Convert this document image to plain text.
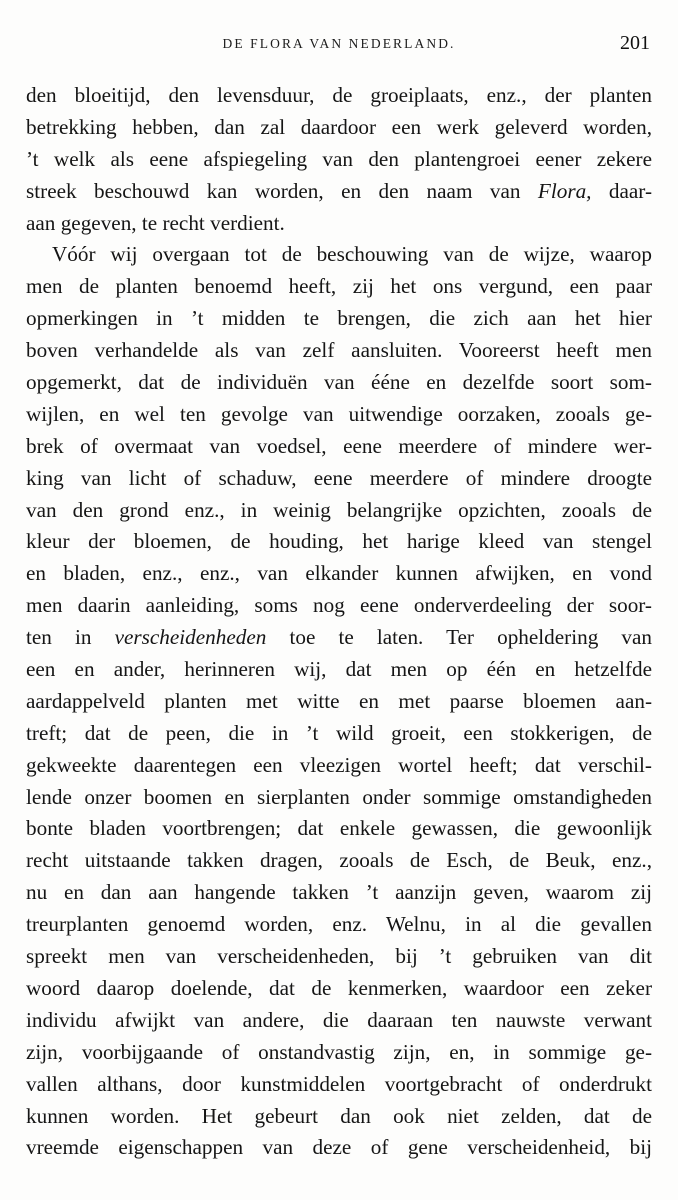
DE FLORA VAN NEDERLAND.	201
den bloeitijd, den levensduur, de groeiplaats, enz., der planten
betrekking hebben, dan zal daardoor een werk geleverd worden,
’t welk als eene afspiegeling van den plantengroei eener zekere
streek beschouwd kan worden, en den naam van Flora, daar-
aan gegeven, te recht verdient.
Vóór wij overgaan tot de beschouwing van de wijze, waarop
men de planten benoemd heeft, zij het ons vergund, een paar
opmerkingen in ’t midden te brengen, die zich aan het hier
boven verhandelde als van zelf aansluiten. Vooreerst heeft men
opgemerkt, dat de individuën van ééne en dezelfde soort som-
wijlen, en wel ten gevolge van uitwendige oorzaken, zooals ge-
brek of overmaat van voedsel, eene meerdere of mindere wer-
king van licht of schaduw, eene meerdere of mindere droogte
van den grond enz., in weinig belangrijke opzichten, zooals de
kleur der bloemen, de houding, het harige kleed van stengel
en bladen, enz., enz., van elkander kunnen afwijken, en vond
men daarin aanleiding, soms nog eene onderverdeeling der soor-
ten in verscheidenheden toe te laten. Ter opheldering van
een en ander, herinneren wij, dat men op één en hetzelfde
aardappelveld planten met witte en met paarse bloemen aan-
treft; dat de peen, die in ’t wild groeit, een stokkerigen, de
gekweekte daarentegen een vleezigen wortel heeft; dat verschil-
lende onzer boomen en sierplanten onder sommige omstandigheden
bonte bladen voortbrengen; dat enkele gewassen, die gewoonlijk
recht uitstaande takken dragen, zooals de Esch, de Beuk, enz.,
nu en dan aan hangende takken ’t aanzijn geven, waarom zij
treurplanten genoemd worden, enz. Welnu, in al die gevallen
spreekt men van verscheidenheden, bij ’t gebruiken van dit
woord daarop doelende, dat de kenmerken, waardoor een zeker
individu afwijkt van andere, die daaraan ten nauwste verwant
zijn, voorbijgaande of onstandvastig zijn, en, in sommige ge-
vallen althans, door kunstmiddelen voortgebracht of onderdrukt
kunnen worden. Het gebeurt dan ook niet zelden, dat de
vreemde eigenschappen van deze of gene verscheidenheid, bij
